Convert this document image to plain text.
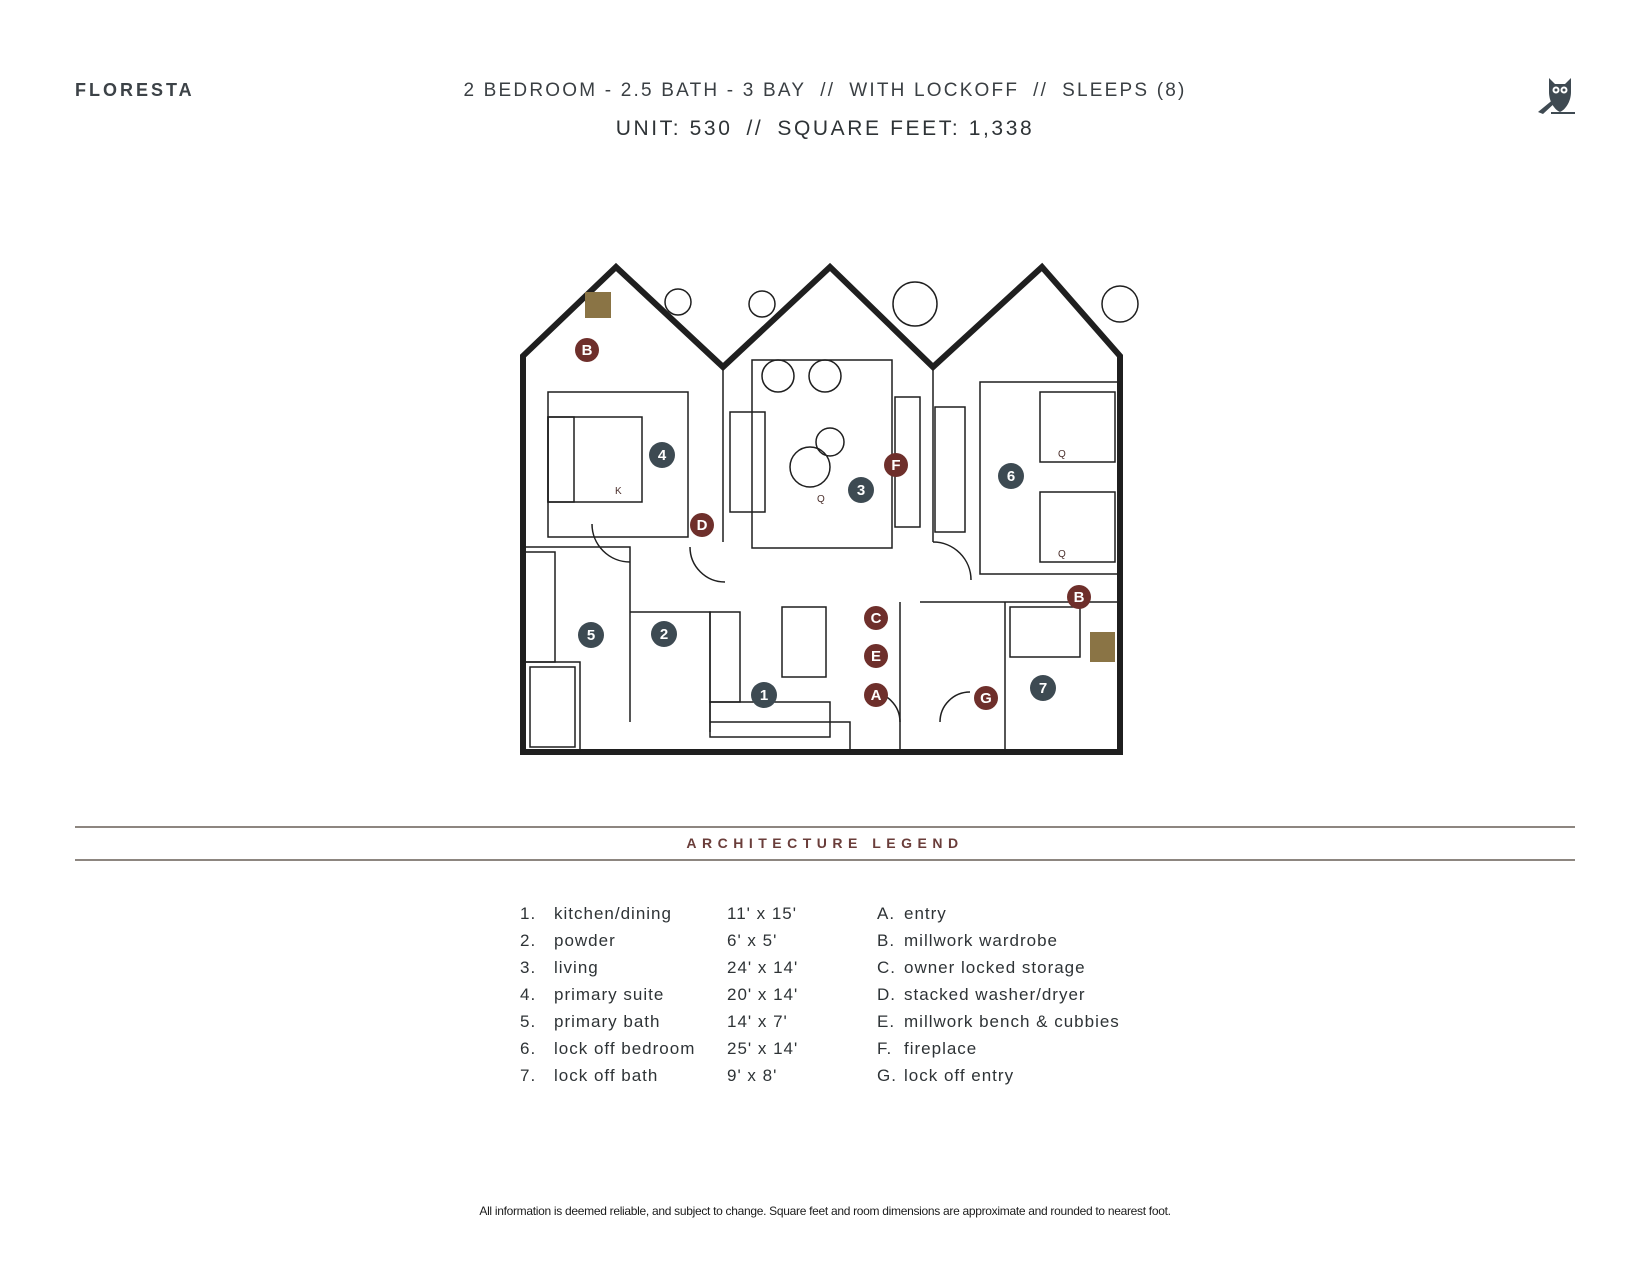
FLORESTA	2 BEDROOM - 2.5 BATH - 3 BAY // WITH LOCKOFF // SLEEPS (8)
UNIT: 530 // SQUARE FEET: 1,338
K
Q
Q
Q
1
2
3
4
5
6
7
A
B
B
C
D
E
F
G
ARCHITECTURE LEGEND
1. kitchen/dining
2. powder
3. living
4. primary suite
5. primary bath
6. lock off bedroom
7. lock off bath
11' x 15'
6' x 5'
24' x 14'
20' x 14'
14' x 7'
25' x 14'
9' x 8'
A. entry
B. millwork wardrobe
C. owner locked storage
D. stacked washer/dryer
E. millwork bench & cubbies
F. fireplace
G. lock off entry
All information is deemed reliable, and subject to change. Square feet and room dimensions are approximate and rounded to nearest foot.
